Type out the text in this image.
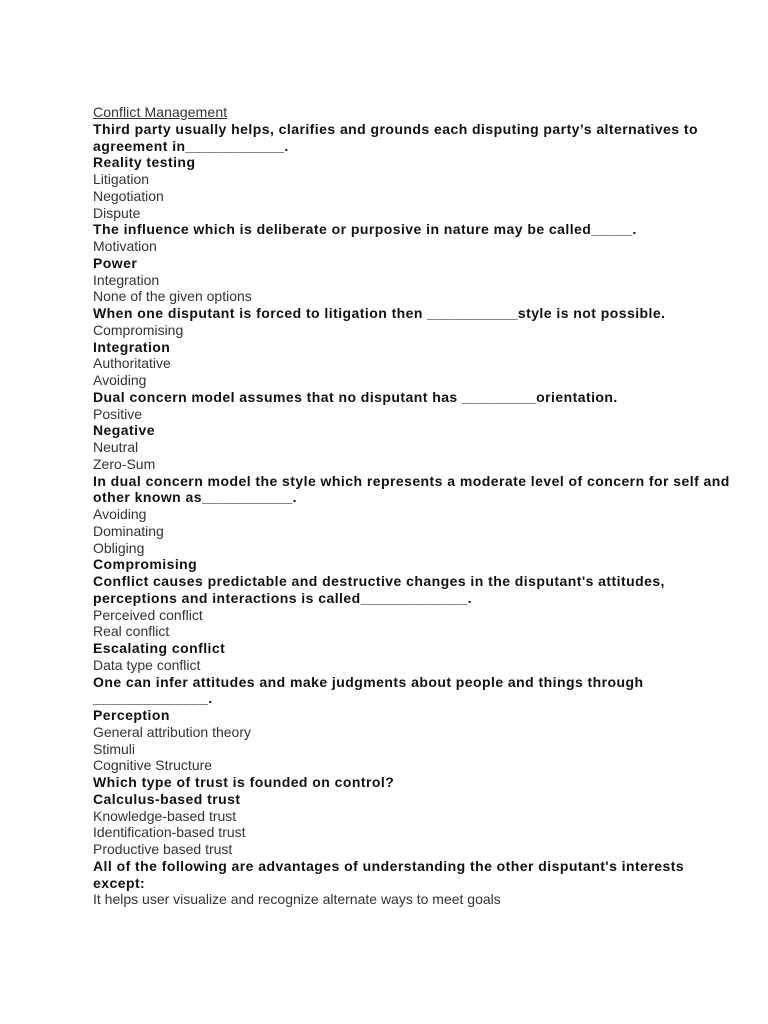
Conflict Management
Third party usually helps, clarifies and grounds each disputing party’s alternatives to agreement in____________.
Reality testing
Litigation
Negotiation
Dispute
The influence which is deliberate or purposive in nature may be called_____.
Motivation
Power
Integration
None of the given options
When one disputant is forced to litigation then ___________style is not possible.
Compromising
Integration
Authoritative
Avoiding
Dual concern model assumes that no disputant has _________orientation.
Positive
Negative
Neutral
Zero-Sum
In dual concern model the style which represents a moderate level of concern for self and other known as___________.
Avoiding
Dominating
Obliging
Compromising
Conflict causes predictable and destructive changes in the disputant's attitudes, perceptions and interactions is called_____________.
Perceived conflict
Real conflict
Escalating conflict
Data type conflict
One can infer attitudes and make judgments about people and things through ______________.
Perception
General attribution theory
Stimuli
Cognitive Structure
Which type of trust is founded on control?
Calculus-based trust
Knowledge-based trust
Identification-based trust
Productive based trust
All of the following are advantages of understanding the other disputant's interests except:
It helps user visualize and recognize alternate ways to meet goals
